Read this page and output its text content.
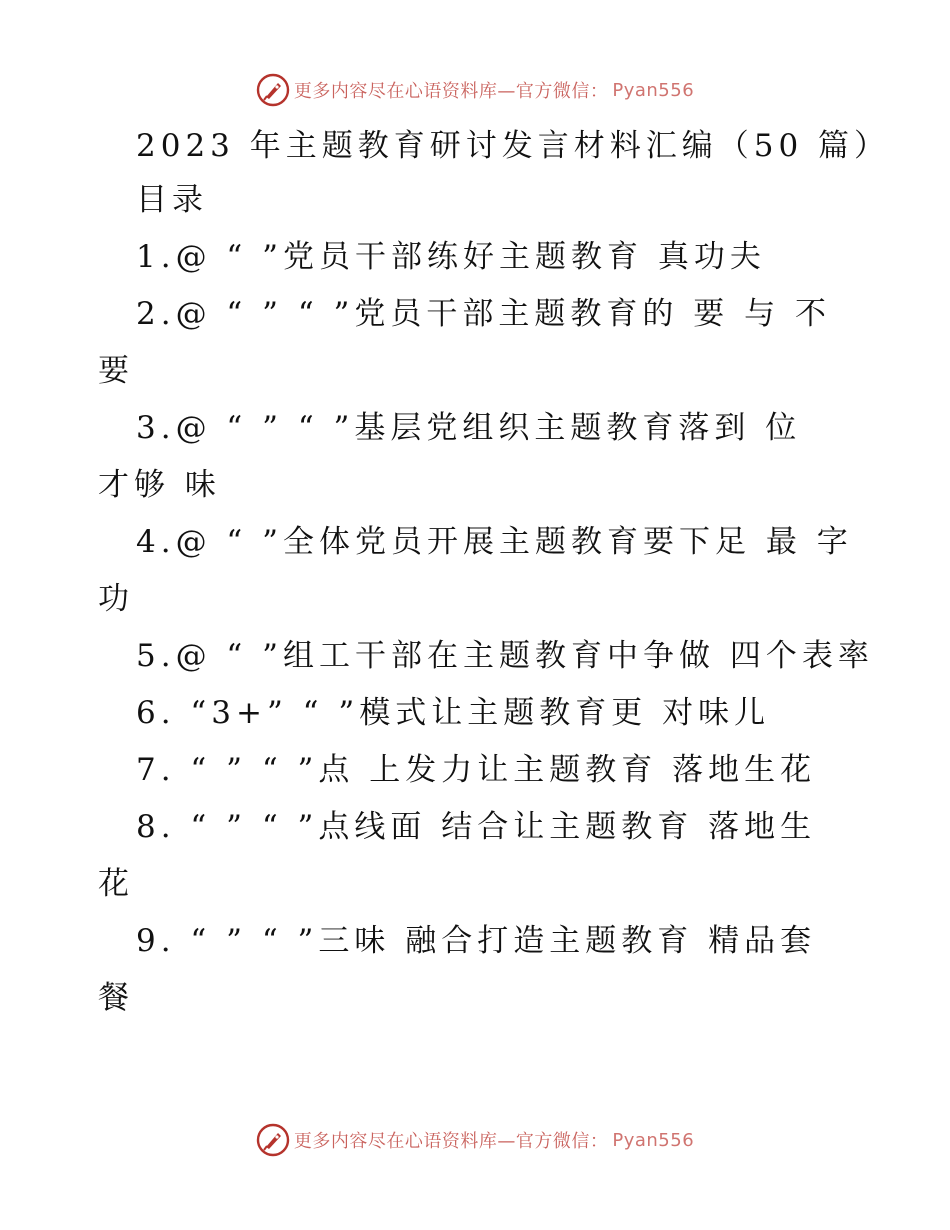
更多内容尽在心语资料库—官方微信： Pyan556
2023 年主题教育研讨发言材料汇编（50 篇）
目录
1.@ “ ”党员干部练好主题教育 真功夫
2.@ “ ” “ ”党员干部主题教育的 要 与 不
要
3.@ “ ” “ ”基层党组织主题教育落到 位
才够 味
4.@ “ ”全体党员开展主题教育要下足 最 字
功
5.@ “ ”组工干部在主题教育中争做 四个表率
6. “3+” “ ”模式让主题教育更 对味儿
7. “ ” “ ”点 上发力让主题教育 落地生花
8. “ ” “ ”点线面 结合让主题教育 落地生
花
9. “ ” “ ”三味 融合打造主题教育 精品套
餐
更多内容尽在心语资料库—官方微信： Pyan556
